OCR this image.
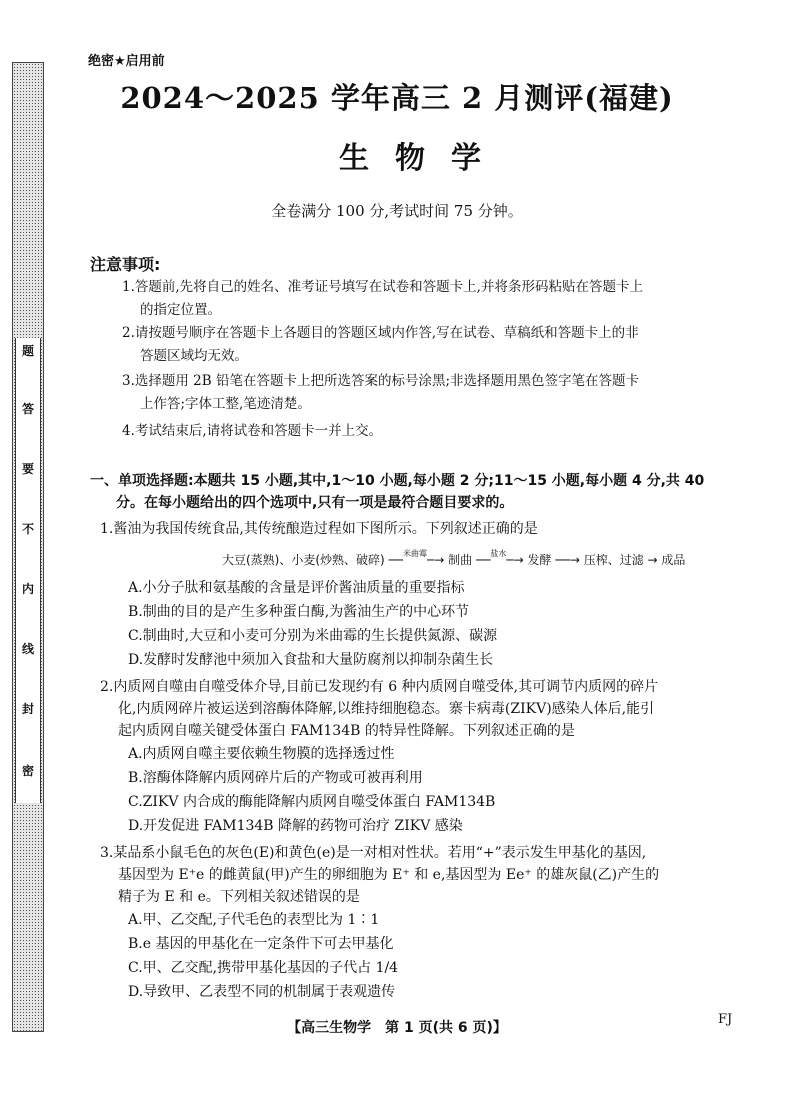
题
答
要
不
内
线
封
密
绝密★启用前
2024～2025 学年高三 2 月测评(福建)
生物学
全卷满分 100 分,考试时间 75 分钟。
注意事项:
1.答题前,先将自己的姓名、准考证号填写在试卷和答题卡上,并将条形码粘贴在答题卡上
的指定位置。
2.请按题号顺序在答题卡上各题目的答题区域内作答,写在试卷、草稿纸和答题卡上的非
答题区域均无效。
3.选择题用 2B 铅笔在答题卡上把所选答案的标号涂黑;非选择题用黑色签字笔在答题卡
上作答;字体工整,笔迹清楚。
4.考试结束后,请将试卷和答题卡一并上交。
一、单项选择题:本题共 15 小题,其中,1～10 小题,每小题 2 分;11～15 小题,每小题 4 分,共 40
分。在每小题给出的四个选项中,只有一项是最符合题目要求的。
1.酱油为我国传统食品,其传统酿造过程如下图所示。下列叙述正确的是
大豆(蒸熟)、小麦(炒熟、破碎) ──$^{米曲霉}$─→ 制曲 ──$^{盐水}$─→ 发酵 ──→ 压榨、过滤 → 成品
A.小分子肽和氨基酸的含量是评价酱油质量的重要指标
B.制曲的目的是产生多种蛋白酶,为酱油生产的中心环节
C.制曲时,大豆和小麦可分别为米曲霉的生长提供氮源、碳源
D.发酵时发酵池中须加入食盐和大量防腐剂以抑制杂菌生长
2.内质网自噬由自噬受体介导,目前已发现约有 6 种内质网自噬受体,其可调节内质网的碎片
化,内质网碎片被运送到溶酶体降解,以维持细胞稳态。寨卡病毒(ZIKV)感染人体后,能引
起内质网自噬关键受体蛋白 FAM134B 的特异性降解。下列叙述正确的是
A.内质网自噬主要依赖生物膜的选择透过性
B.溶酶体降解内质网碎片后的产物或可被再利用
C.ZIKV 内合成的酶能降解内质网自噬受体蛋白 FAM134B
D.开发促进 FAM134B 降解的药物可治疗 ZIKV 感染
3.某品系小鼠毛色的灰色(E)和黄色(e)是一对相对性状。若用“+”表示发生甲基化的基因,
基因型为 E⁺e 的雌黄鼠(甲)产生的卵细胞为 E⁺ 和 e,基因型为 Ee⁺ 的雄灰鼠(乙)产生的
精子为 E 和 e。下列相关叙述错误的是
A.甲、乙交配,子代毛色的表型比为 1∶1
B.e 基因的甲基化在一定条件下可去甲基化
C.甲、乙交配,携带甲基化基因的子代占 1/4
D.导致甲、乙表型不同的机制属于表观遗传
【高三生物学　第 1 页(共 6 页)】
FJ
